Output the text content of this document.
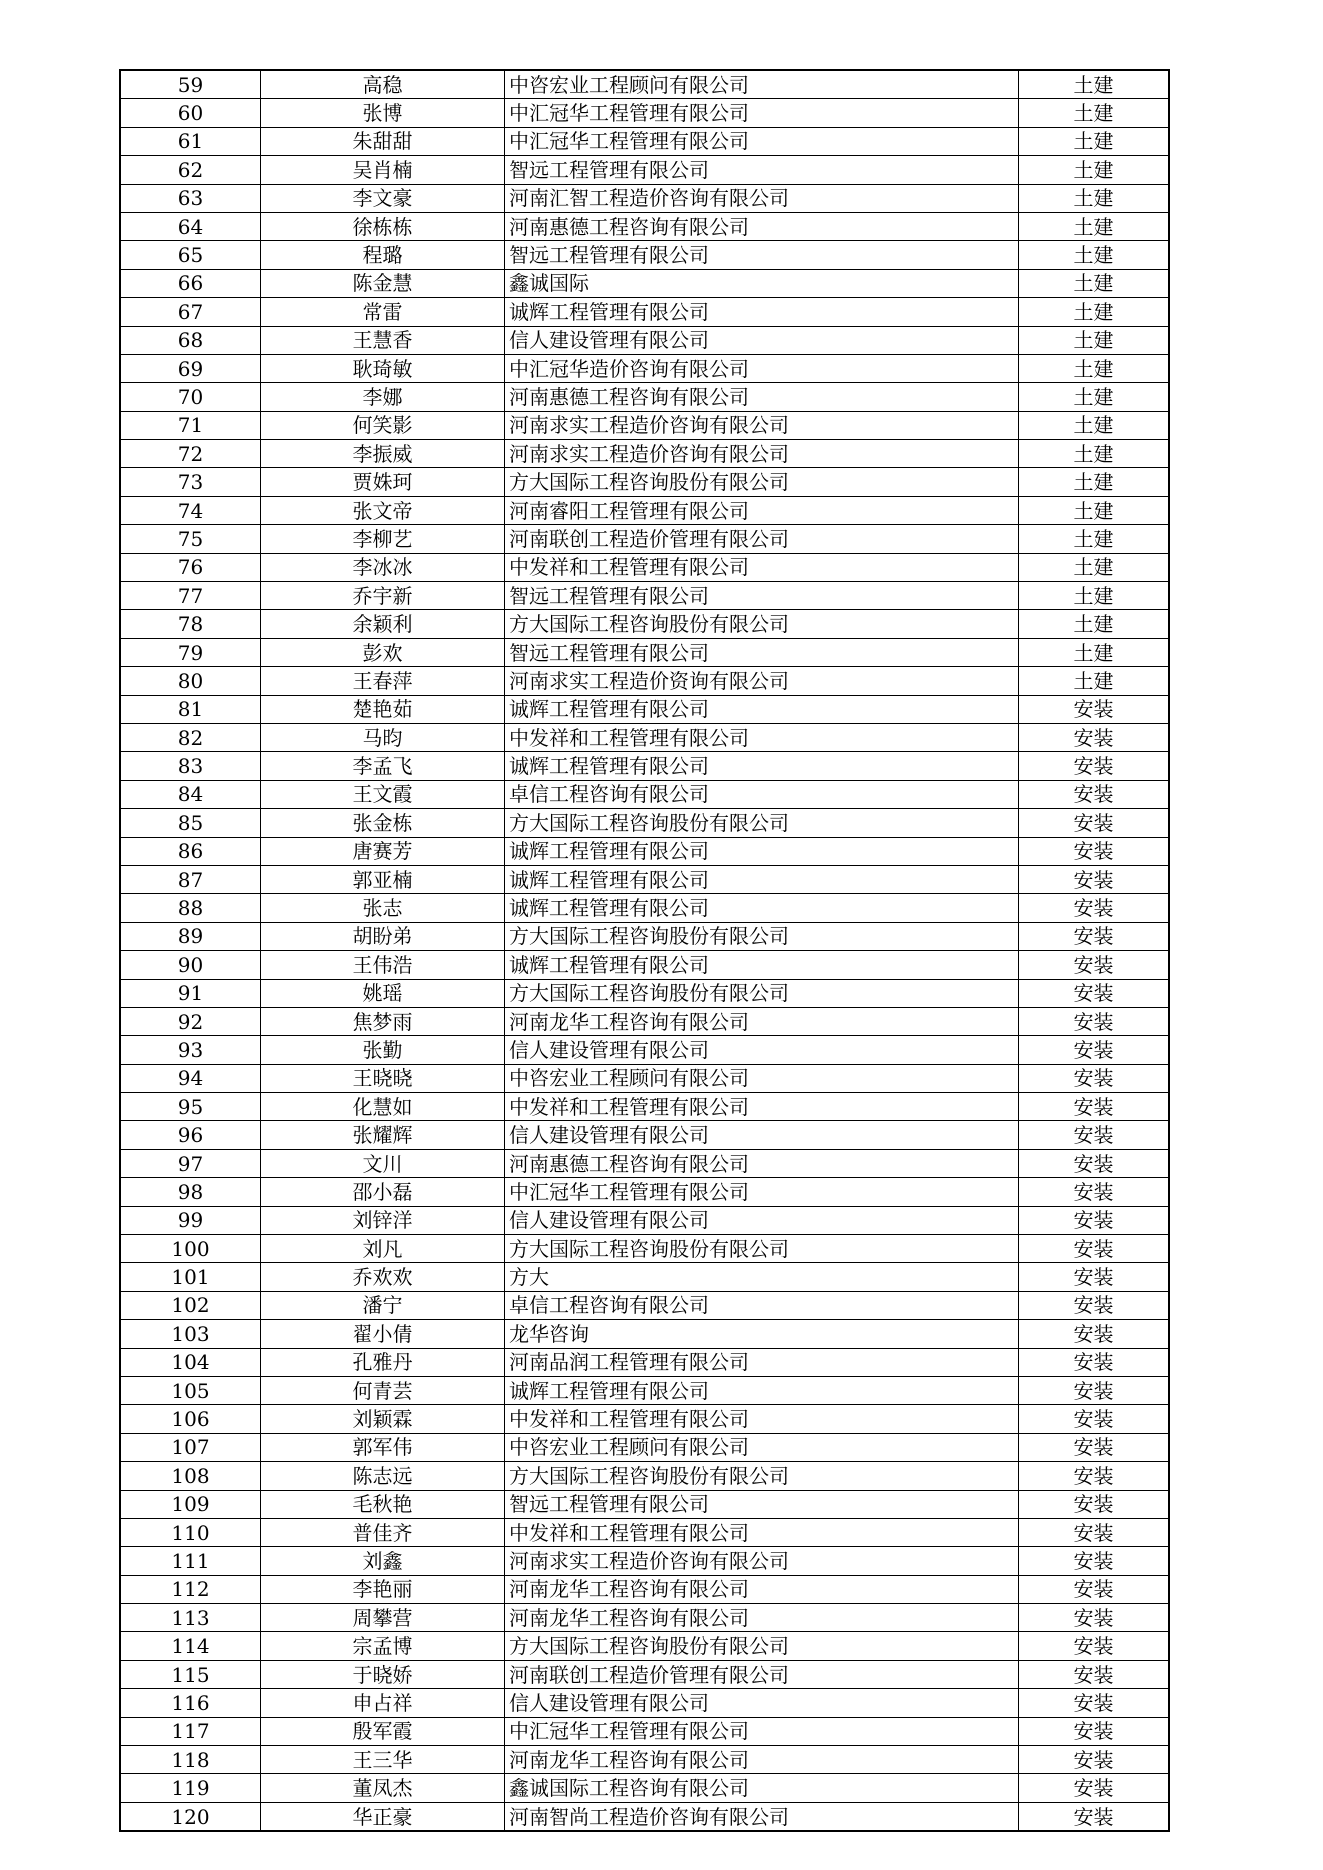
59	高稳	中咨宏业工程顾问有限公司	土建
60	张博	中汇冠华工程管理有限公司	土建
61	朱甜甜	中汇冠华工程管理有限公司	土建
62	吴肖楠	智远工程管理有限公司	土建
63	李文豪	河南汇智工程造价咨询有限公司	土建
64	徐栋栋	河南惠德工程咨询有限公司	土建
65	程璐	智远工程管理有限公司	土建
66	陈金慧	鑫诚国际	土建
67	常雷	诚辉工程管理有限公司	土建
68	王慧香	信人建设管理有限公司	土建
69	耿琦敏	中汇冠华造价咨询有限公司	土建
70	李娜	河南惠德工程咨询有限公司	土建
71	何笑影	河南求实工程造价咨询有限公司	土建
72	李振威	河南求实工程造价咨询有限公司	土建
73	贾姝珂	方大国际工程咨询股份有限公司	土建
74	张文帝	河南睿阳工程管理有限公司	土建
75	李柳艺	河南联创工程造价管理有限公司	土建
76	李冰冰	中发祥和工程管理有限公司	土建
77	乔宇新	智远工程管理有限公司	土建
78	余颖利	方大国际工程咨询股份有限公司	土建
79	彭欢	智远工程管理有限公司	土建
80	王春萍	河南求实工程造价资询有限公司	土建
81	楚艳茹	诚辉工程管理有限公司	安装
82	马昀	中发祥和工程管理有限公司	安装
83	李孟飞	诚辉工程管理有限公司	安装
84	王文霞	卓信工程咨询有限公司	安装
85	张金栋	方大国际工程咨询股份有限公司	安装
86	唐赛芳	诚辉工程管理有限公司	安装
87	郭亚楠	诚辉工程管理有限公司	安装
88	张志	诚辉工程管理有限公司	安装
89	胡盼弟	方大国际工程咨询股份有限公司	安装
90	王伟浩	诚辉工程管理有限公司	安装
91	姚瑶	方大国际工程咨询股份有限公司	安装
92	焦梦雨	河南龙华工程咨询有限公司	安装
93	张勤	信人建设管理有限公司	安装
94	王晓晓	中咨宏业工程顾问有限公司	安装
95	化慧如	中发祥和工程管理有限公司	安装
96	张耀辉	信人建设管理有限公司	安装
97	文川	河南惠德工程咨询有限公司	安装
98	邵小磊	中汇冠华工程管理有限公司	安装
99	刘锌洋	信人建设管理有限公司	安装
100	刘凡	方大国际工程咨询股份有限公司	安装
101	乔欢欢	方大	安装
102	潘宁	卓信工程咨询有限公司	安装
103	翟小倩	龙华咨询	安装
104	孔雅丹	河南品润工程管理有限公司	安装
105	何青芸	诚辉工程管理有限公司	安装
106	刘颖霖	中发祥和工程管理有限公司	安装
107	郭军伟	中咨宏业工程顾问有限公司	安装
108	陈志远	方大国际工程咨询股份有限公司	安装
109	毛秋艳	智远工程管理有限公司	安装
110	普佳齐	中发祥和工程管理有限公司	安装
111	刘鑫	河南求实工程造价咨询有限公司	安装
112	李艳丽	河南龙华工程咨询有限公司	安装
113	周攀营	河南龙华工程咨询有限公司	安装
114	宗孟博	方大国际工程咨询股份有限公司	安装
115	于晓娇	河南联创工程造价管理有限公司	安装
116	申占祥	信人建设管理有限公司	安装
117	殷军霞	中汇冠华工程管理有限公司	安装
118	王三华	河南龙华工程咨询有限公司	安装
119	董凤杰	鑫诚国际工程咨询有限公司	安装
120	华正豪	河南智尚工程造价咨询有限公司	安装
